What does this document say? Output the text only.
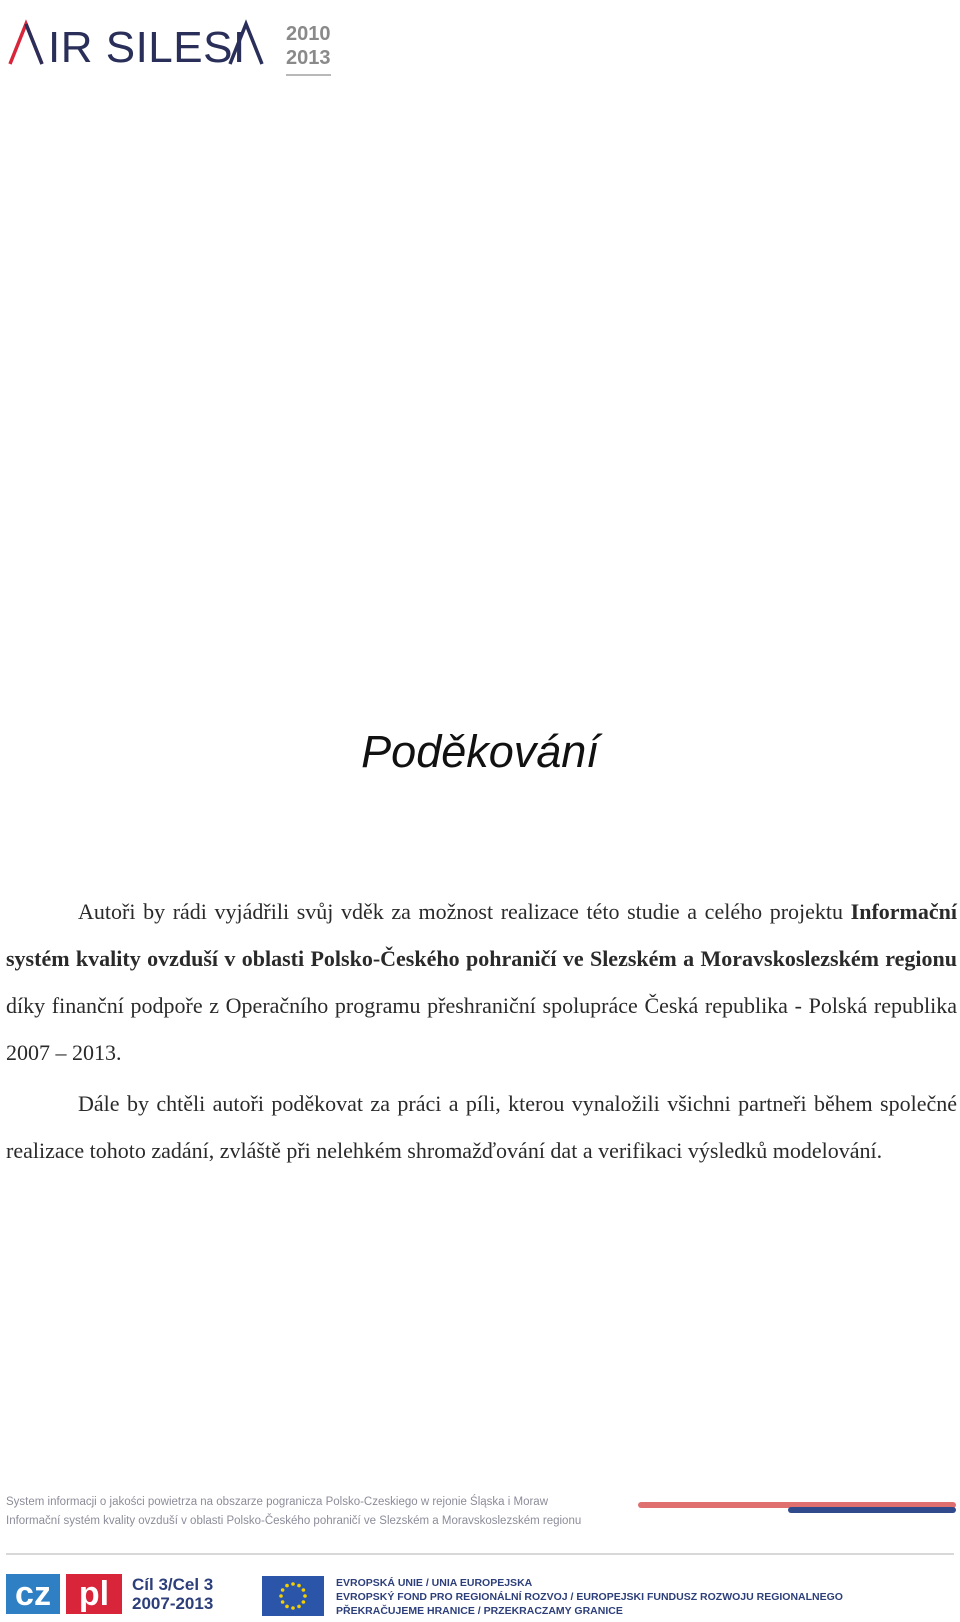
IR SILESI 2010
2013
Poděkování

Autoři by rádi vyjádřili svůj vděk za možnost realizace této studie a celého projektu Informační systém kvality ovzduší v oblasti Polsko-Českého pohraničí ve Slezském a Moravskoslezském regionu díky finanční podpoře z Operačního programu přeshraniční spolupráce Česká republika - Polská republika 2007 – 2013.

Dále by chtěli autoři poděkovat za práci a píli, kterou vynaložili všichni partneři během společné realizace tohoto zadání, zvláště při nelehkém shromažďování dat a verifikaci výsledků modelování.

System informacji o jakości powietrza na obszarze pogranicza Polsko-Czeskiego w rejonie Śląska i Moraw
Informační systém kvality ovzduší v oblasti Polsko-Českého pohraničí ve Slezském a Moravskoslezském regionu
cz pl	Cíl 3/Cel 3
2007-2013
EVROPSKÁ UNIE / UNIA EUROPEJSKA
EVROPSKÝ FOND PRO REGIONÁLNÍ ROZVOJ / EUROPEJSKI FUNDUSZ ROZWOJU REGIONALNEGO
PŘEKRAČUJEME HRANICE / PRZEKRACZAMY GRANICE
